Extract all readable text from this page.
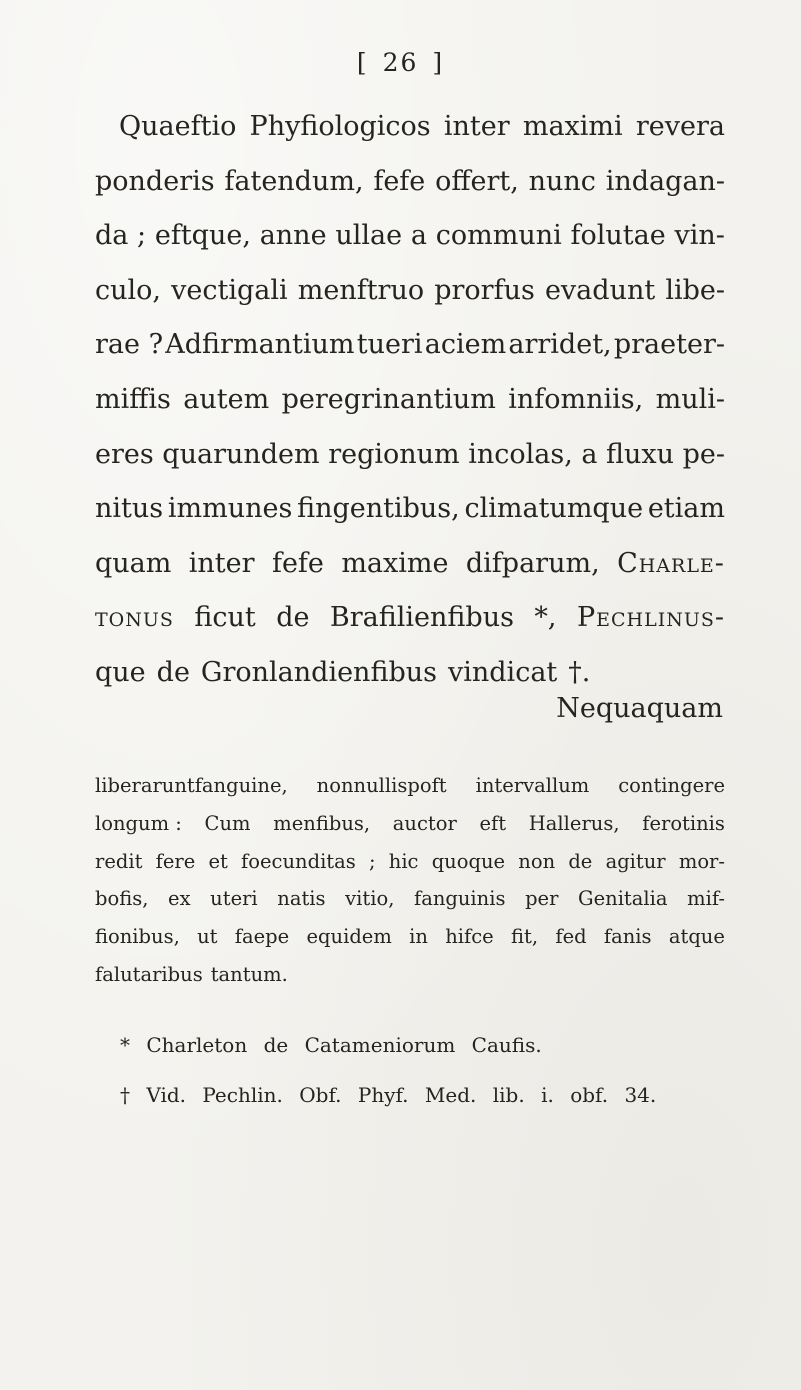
[ 26 ]
Quaeftio Phyfiologicos inter maximi revera
ponderis fatendum, fefe offert, nunc indagan-
da ; eftque, anne ullae a communi folutae vin-
culo, vectigali menftruo prorfus evadunt libe-
rae ? Adfirmantium tueri aciem arridet, praeter-
miffis autem peregrinantium infomniis, muli-
eres quarundem regionum incolas, a fluxu pe-
nitus immunes fingentibus, climatumque etiam
quam inter fefe maxime difparum, Charle-
tonus ficut de Brafilienfibus *, Pechlinus-
que de Gronlandienfibus vindicat †.
Nequaquam
liberaruntfanguine, nonnullispoft intervallum contingere
longum : Cum menfibus, auctor eft Hallerus, ferotinis
redit fere et foecunditas ; hic quoque non de agitur mor-
bofis, ex uteri natis vitio, fanguinis per Genitalia mif-
fionibus, ut faepe equidem in hifce fit, fed fanis atque
falutaribus tantum.
* Charleton de Catameniorum Caufis.
† Vid. Pechlin. Obf. Phyf. Med. lib. i. obf. 34.
